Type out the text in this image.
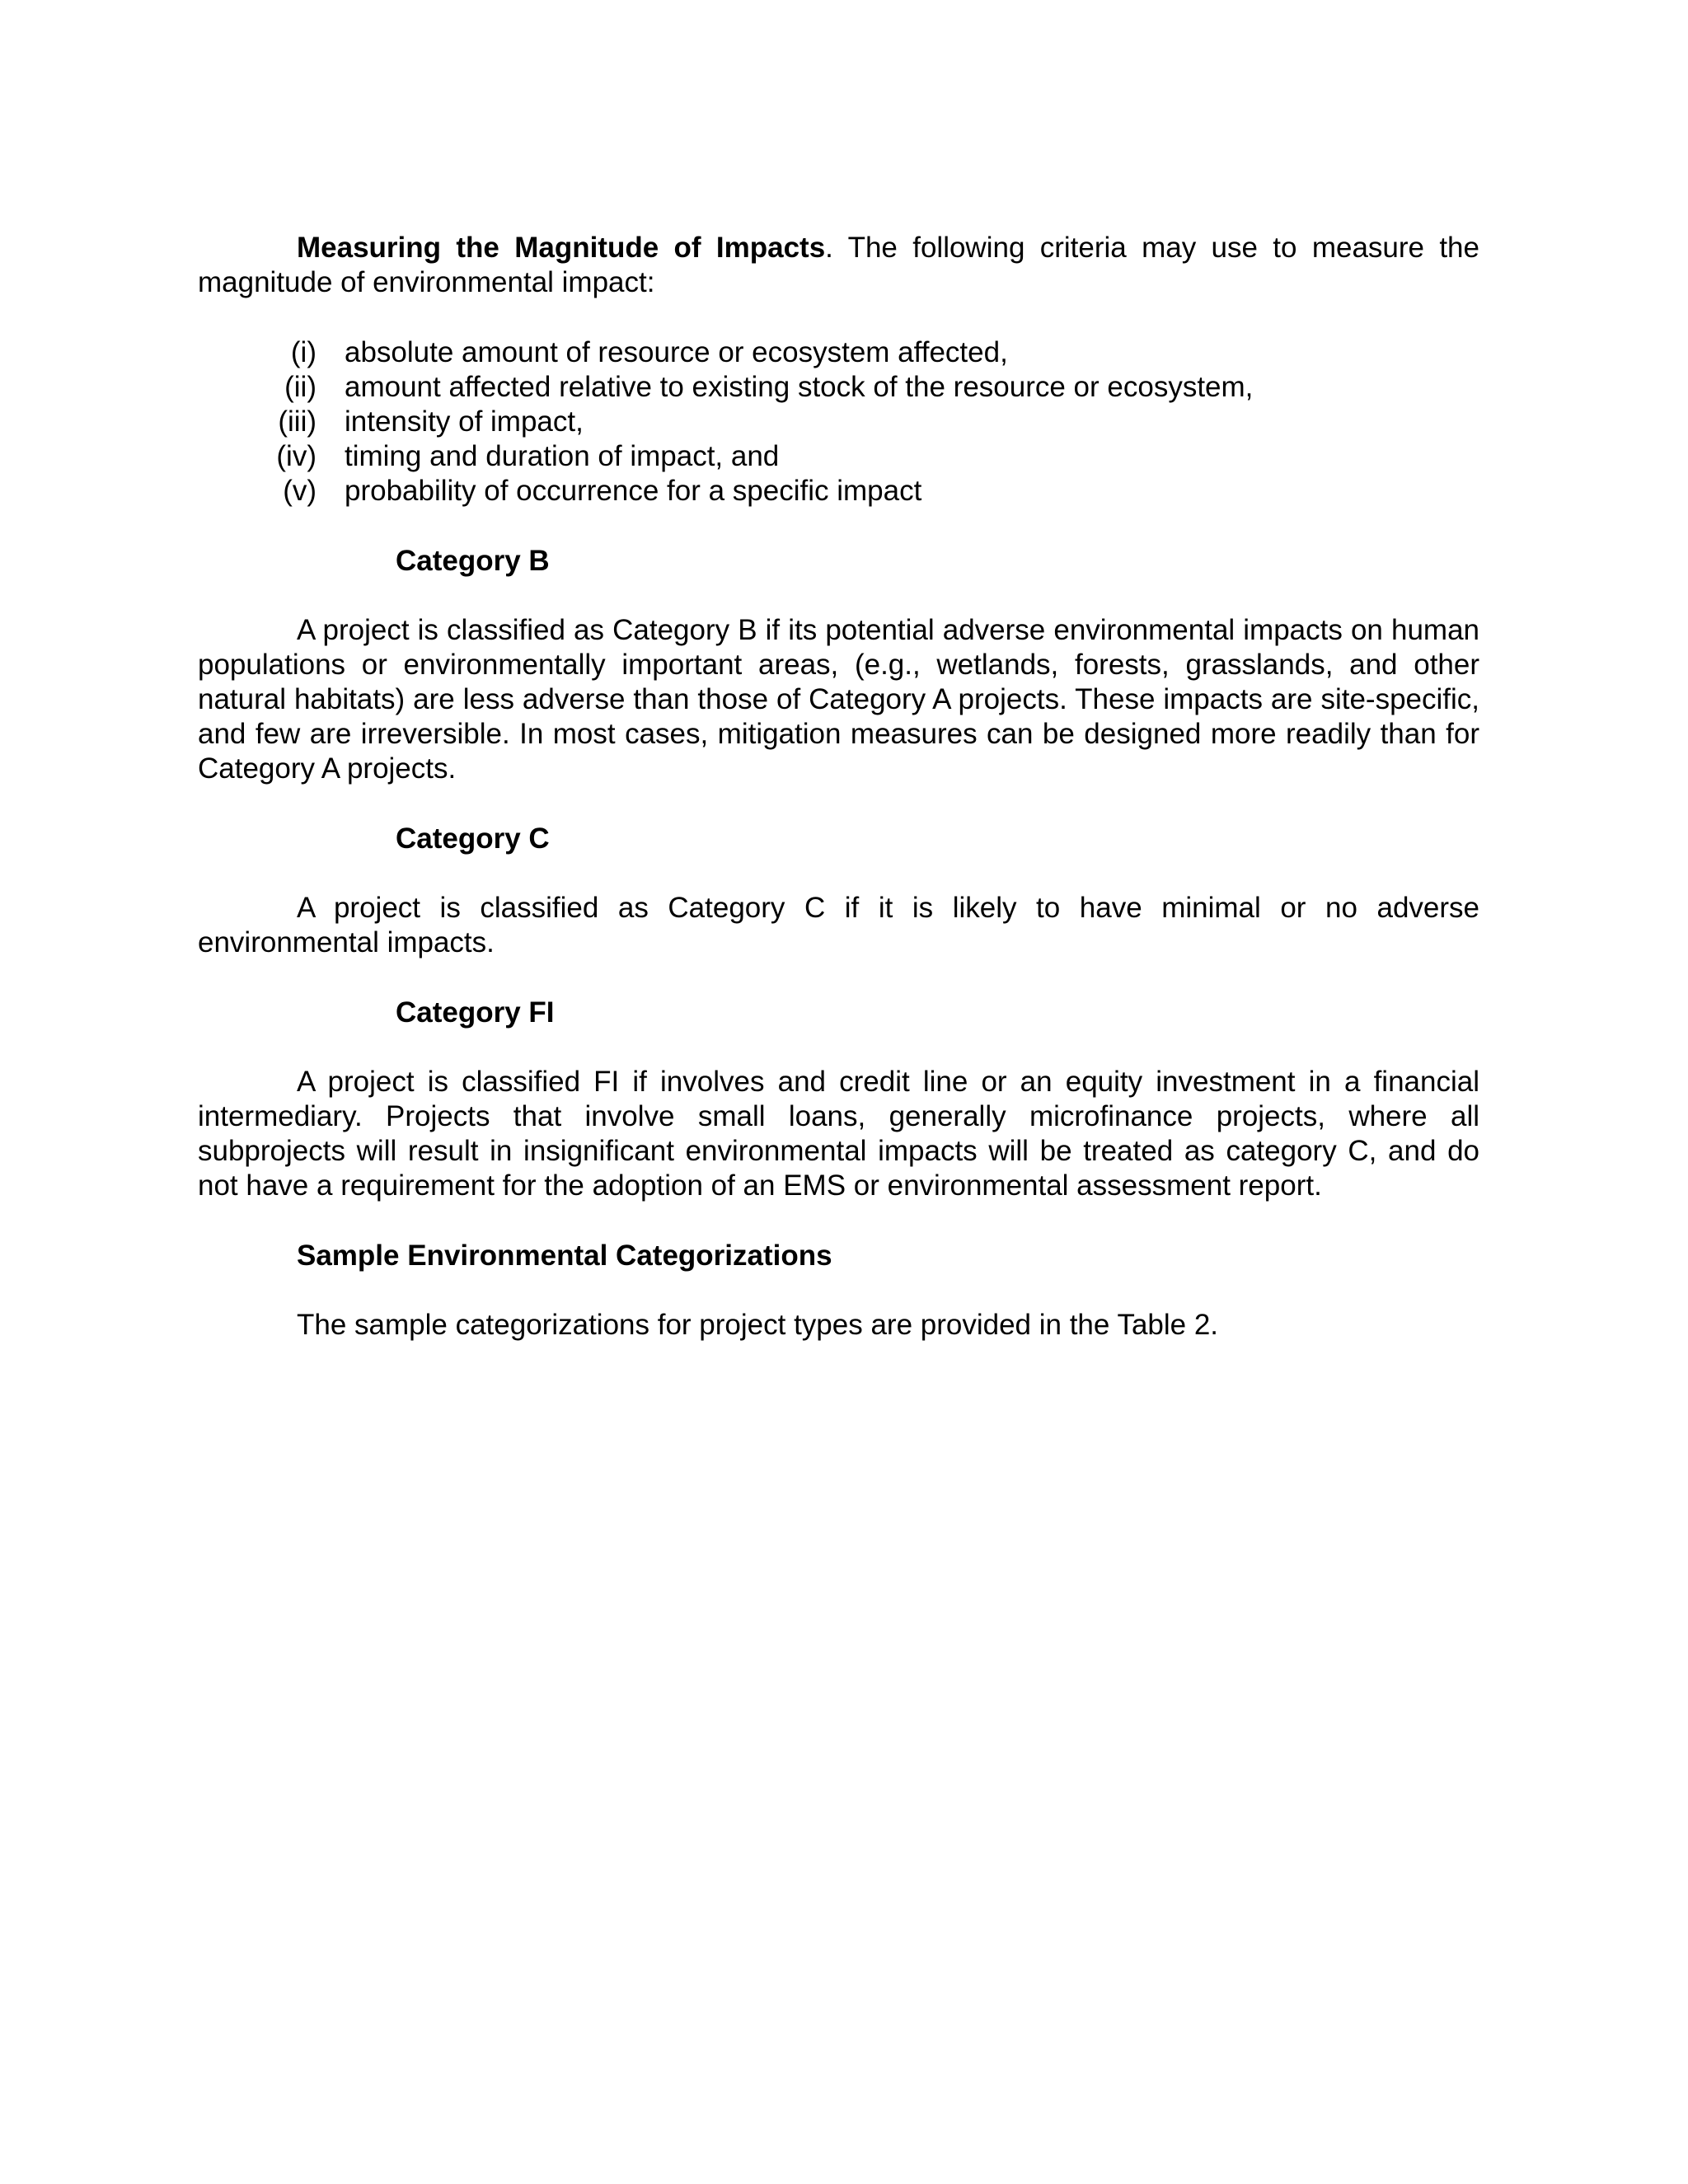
Measuring the Magnitude of Impacts. The following criteria may use to measure the magnitude of environmental impact:

(i) absolute amount of resource or ecosystem affected,
(ii) amount affected relative to existing stock of the resource or ecosystem,
(iii) intensity of impact,
(iv) timing and duration of impact, and
(v) probability of occurrence for a specific impact
Category B

A project is classified as Category B if its potential adverse environmental impacts on human populations or environmentally important areas, (e.g., wetlands, forests, grasslands, and other natural habitats) are less adverse than those of Category A projects. These impacts are site-specific, and few are irreversible. In most cases, mitigation measures can be designed more readily than for Category A projects.

Category C

A project is classified as Category C if it is likely to have minimal or no adverse environmental impacts.

Category FI

A project is classified FI if involves and credit line or an equity investment in a financial intermediary. Projects that involve small loans, generally microfinance projects, where all subprojects will result in insignificant environmental impacts will be treated as category C, and do not have a requirement for the adoption of an EMS or environmental assessment report.

Sample Environmental Categorizations

The sample categorizations for project types are provided in the Table 2.
